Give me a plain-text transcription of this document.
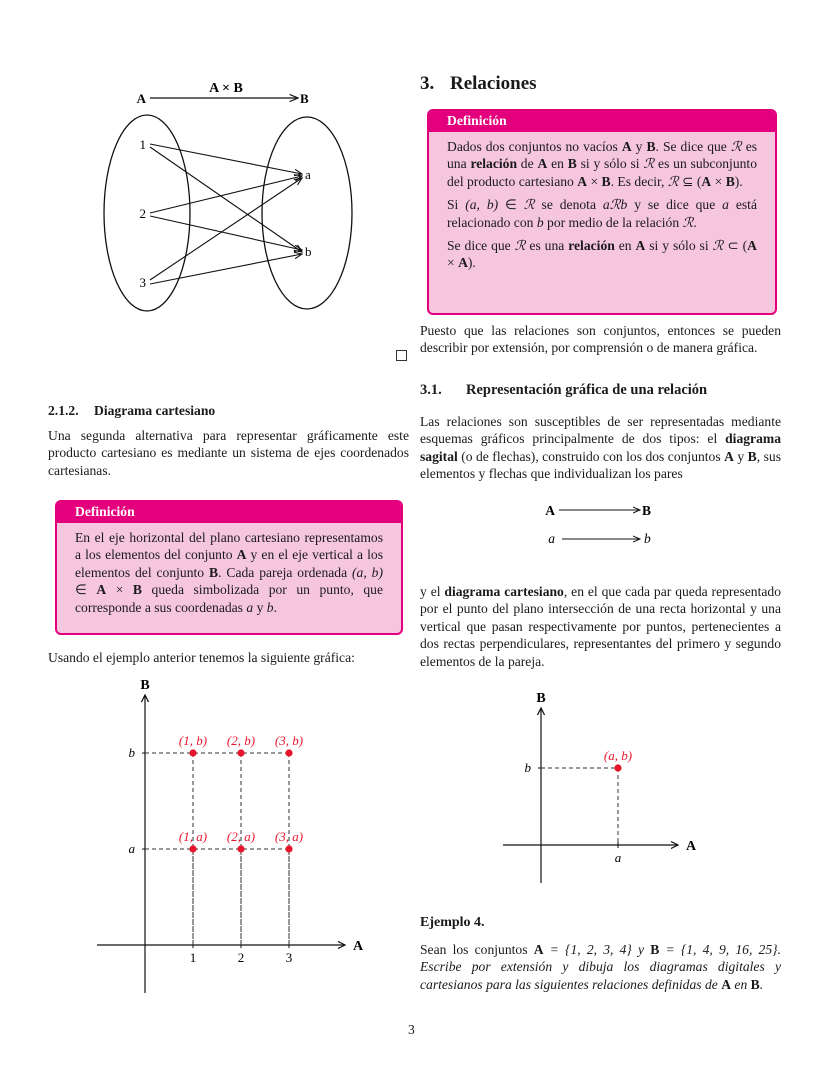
A × B
A	B
1
2
3
a
b
2.1.2. Diagrama cartesiano
Una segunda alternativa para representar gráficamente este producto cartesiano es mediante un sistema de ejes coordenados cartesianas.
Definición

En el eje horizontal del plano cartesiano representamos a los elementos del conjunto A y en el eje vertical a los elementos del conjunto B. Cada pareja ordenada (a, b) ∈ A × B queda simbolizada por un punto, que corresponde a sus coordenadas a y b.

Usando el ejemplo anterior tenemos la siguiente gráfica:
A
B
1	2	3
a
b
(1, b) (2, b) (3, b)
(1, a) (2, a) (3, a)
3. Relaciones
Definición

Dados dos conjuntos no vacíos A y B. Se dice que ℛ es una relación de A en B si y sólo si ℛ es un subconjunto del producto cartesiano A × B. Es decir, ℛ ⊆ (A × B).

Si (a, b) ∈ ℛ se denota aℛb y se dice que a está relacionado con b por medio de la relación ℛ.

Se dice que ℛ es una relación en A si y sólo si ℛ ⊂ (A × A).

Puesto que las relaciones son conjuntos, entonces se pueden describir por extensión, por comprensión o de manera gráfica.
3.1. Representación gráfica de una relación
Las relaciones son susceptibles de ser representadas mediante esquemas gráficos principalmente de dos tipos: el diagrama sagital (o de flechas), construido con los dos conjuntos A y B, sus elementos y flechas que individualizan los pares
A	B
a	b
y el diagrama cartesiano, en el que cada par queda representado por el punto del plano intersección de una recta horizontal y una vertical que pasan respectivamente por puntos, pertenecientes a dos rectas perpendiculares, representantes del primero y segundo elementos de la pareja.
A
B
a
b
(a, b)
Ejemplo 4.
Sean los conjuntos A = {1, 2, 3, 4} y B = {1, 4, 9, 16, 25}. Escribe por extensión y dibuja los diagramas digitales y cartesianos para las siguientes relaciones definidas de A en B.
3
